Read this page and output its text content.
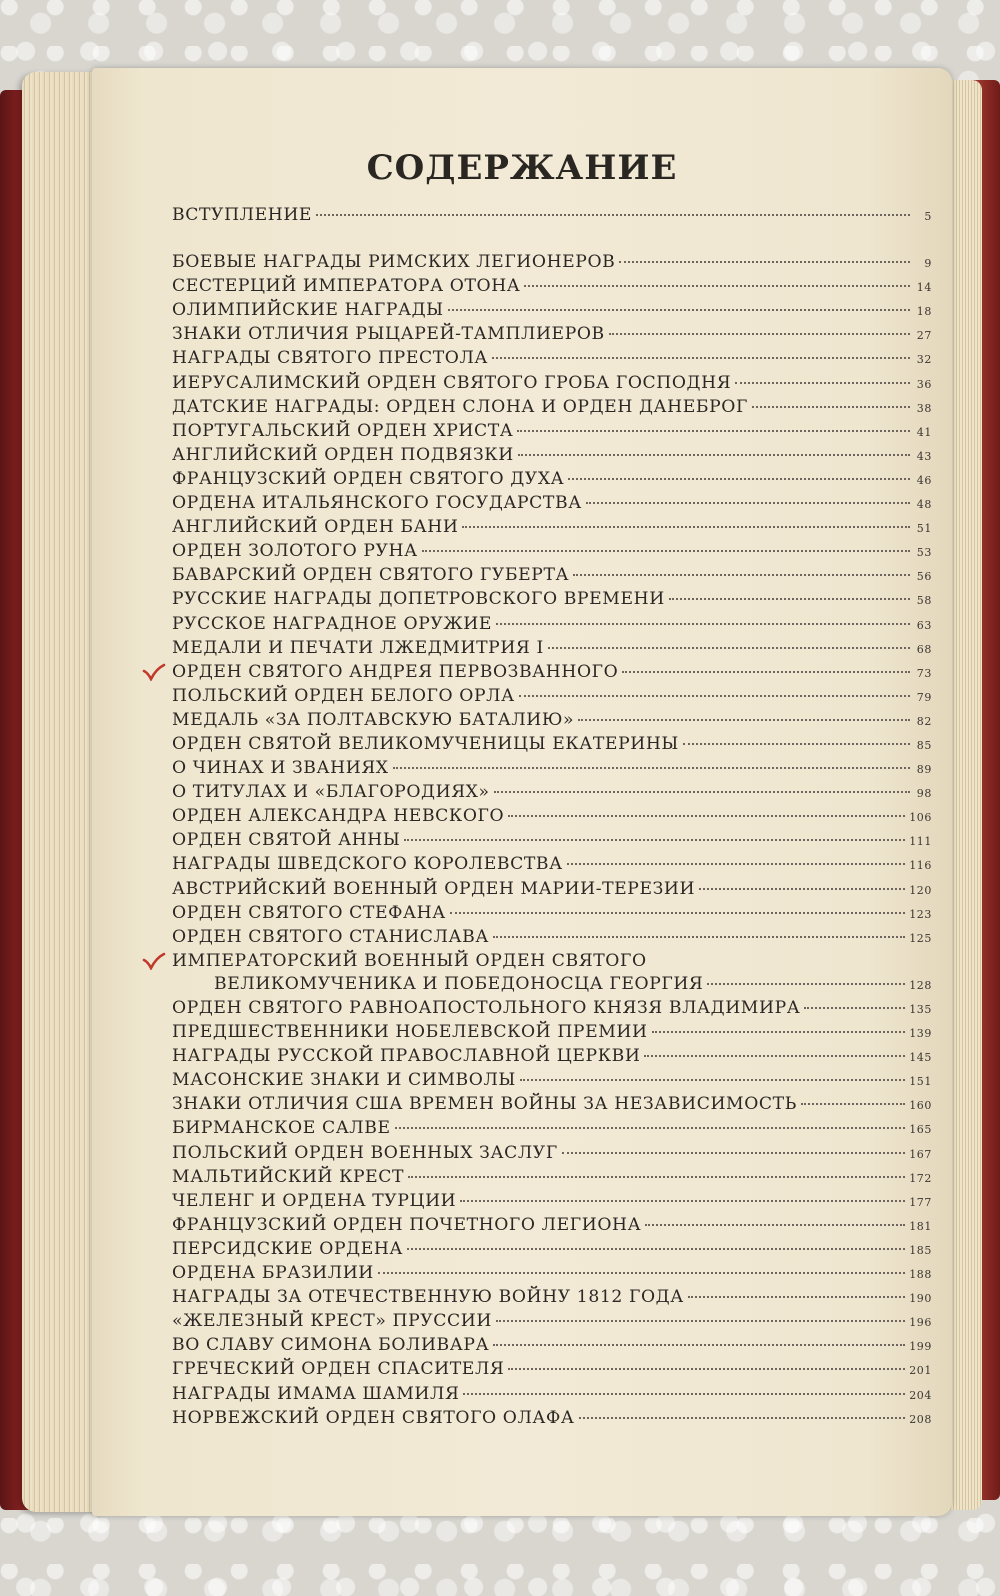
СОДЕРЖАНИЕ
ВСТУПЛЕНИЕ	5
БОЕВЫЕ НАГРАДЫ РИМСКИХ ЛЕГИОНЕРОВ	9
СЕСТЕРЦИЙ ИМПЕРАТОРА ОТОНА	14
ОЛИМПИЙСКИЕ НАГРАДЫ	18
ЗНАКИ ОТЛИЧИЯ РЫЦАРЕЙ-ТАМПЛИЕРОВ	27
НАГРАДЫ СВЯТОГО ПРЕСТОЛА	32
ИЕРУСАЛИМСКИЙ ОРДЕН СВЯТОГО ГРОБА ГОСПОДНЯ	36
ДАТСКИЕ НАГРАДЫ: ОРДЕН СЛОНА И ОРДЕН ДАНЕБРОГ	38
ПОРТУГАЛЬСКИЙ ОРДЕН ХРИСТА	41
АНГЛИЙСКИЙ ОРДЕН ПОДВЯЗКИ	43
ФРАНЦУЗСКИЙ ОРДЕН СВЯТОГО ДУХА	46
ОРДЕНА ИТАЛЬЯНСКОГО ГОСУДАРСТВА	48
АНГЛИЙСКИЙ ОРДЕН БАНИ	51
ОРДЕН ЗОЛОТОГО РУНА	53
БАВАРСКИЙ ОРДЕН СВЯТОГО ГУБЕРТА	56
РУССКИЕ НАГРАДЫ ДОПЕТРОВСКОГО ВРЕМЕНИ	58
РУССКОЕ НАГРАДНОЕ ОРУЖИЕ	63
МЕДАЛИ И ПЕЧАТИ ЛЖЕДМИТРИЯ I	68
ОРДЕН СВЯТОГО АНДРЕЯ ПЕРВОЗВАННОГО	73
ПОЛЬСКИЙ ОРДЕН БЕЛОГО ОРЛА	79
МЕДАЛЬ «ЗА ПОЛТАВСКУЮ БАТАЛИЮ»	82
ОРДЕН СВЯТОЙ ВЕЛИКОМУЧЕНИЦЫ ЕКАТЕРИНЫ	85
О ЧИНАХ И ЗВАНИЯХ	89
О ТИТУЛАХ И «БЛАГОРОДИЯХ»	98
ОРДЕН АЛЕКСАНДРА НЕВСКОГО	106
ОРДЕН СВЯТОЙ АННЫ	111
НАГРАДЫ ШВЕДСКОГО КОРОЛЕВСТВА	116
АВСТРИЙСКИЙ ВОЕННЫЙ ОРДЕН МАРИИ-ТЕРЕЗИИ	120
ОРДЕН СВЯТОГО СТЕФАНА	123
ОРДЕН СВЯТОГО СТАНИСЛАВА	125
ИМПЕРАТОРСКИЙ ВОЕННЫЙ ОРДЕН СВЯТОГО
ВЕЛИКОМУЧЕНИКА И ПОБЕДОНОСЦА ГЕОРГИЯ	128
ОРДЕН СВЯТОГО РАВНОАПОСТОЛЬНОГО КНЯЗЯ ВЛАДИМИРА	135
ПРЕДШЕСТВЕННИКИ НОБЕЛЕВСКОЙ ПРЕМИИ	139
НАГРАДЫ РУССКОЙ ПРАВОСЛАВНОЙ ЦЕРКВИ	145
МАСОНСКИЕ ЗНАКИ И СИМВОЛЫ	151
ЗНАКИ ОТЛИЧИЯ США ВРЕМЕН ВОЙНЫ ЗА НЕЗАВИСИМОСТЬ	160
БИРМАНСКОЕ САЛВЕ	165
ПОЛЬСКИЙ ОРДЕН ВОЕННЫХ ЗАСЛУГ	167
МАЛЬТИЙСКИЙ КРЕСТ	172
ЧЕЛЕНГ И ОРДЕНА ТУРЦИИ	177
ФРАНЦУЗСКИЙ ОРДЕН ПОЧЕТНОГО ЛЕГИОНА	181
ПЕРСИДСКИЕ ОРДЕНА	185
ОРДЕНА БРАЗИЛИИ	188
НАГРАДЫ ЗА ОТЕЧЕСТВЕННУЮ ВОЙНУ 1812 ГОДА	190
«ЖЕЛЕЗНЫЙ КРЕСТ» ПРУССИИ	196
ВО СЛАВУ СИМОНА БОЛИВАРА	199
ГРЕЧЕСКИЙ ОРДЕН СПАСИТЕЛЯ	201
НАГРАДЫ ИМАМА ШАМИЛЯ	204
НОРВЕЖСКИЙ ОРДЕН СВЯТОГО ОЛАФА	208
